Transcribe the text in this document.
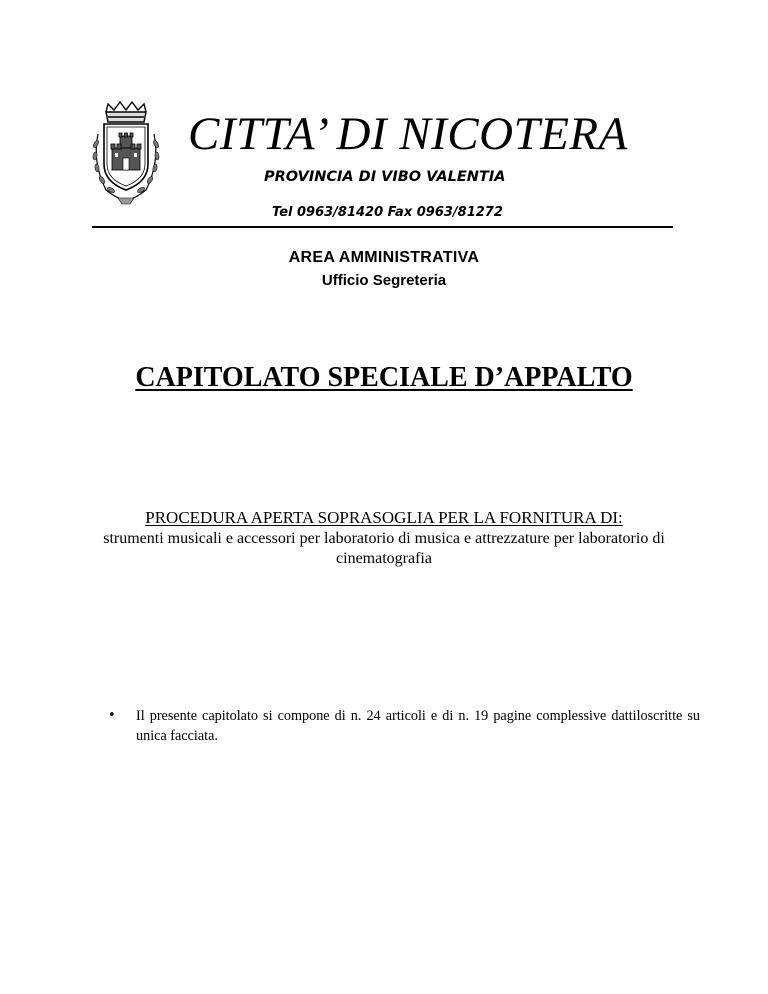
CITTA’ DI NICOTERA
PROVINCIA DI VIBO VALENTIA
Tel 0963/81420 Fax 0963/81272
AREA AMMINISTRATIVA
Ufficio Segreteria
CAPITOLATO SPECIALE D’APPALTO
PROCEDURA APERTA SOPRASOGLIA PER LA FORNITURA DI:
strumenti musicali e accessori per laboratorio di musica e attrezzature per laboratorio di cinematografia
•	Il presente capitolato si compone di n. 24 articoli e di n. 19 pagine complessive dattiloscritte su unica facciata.
